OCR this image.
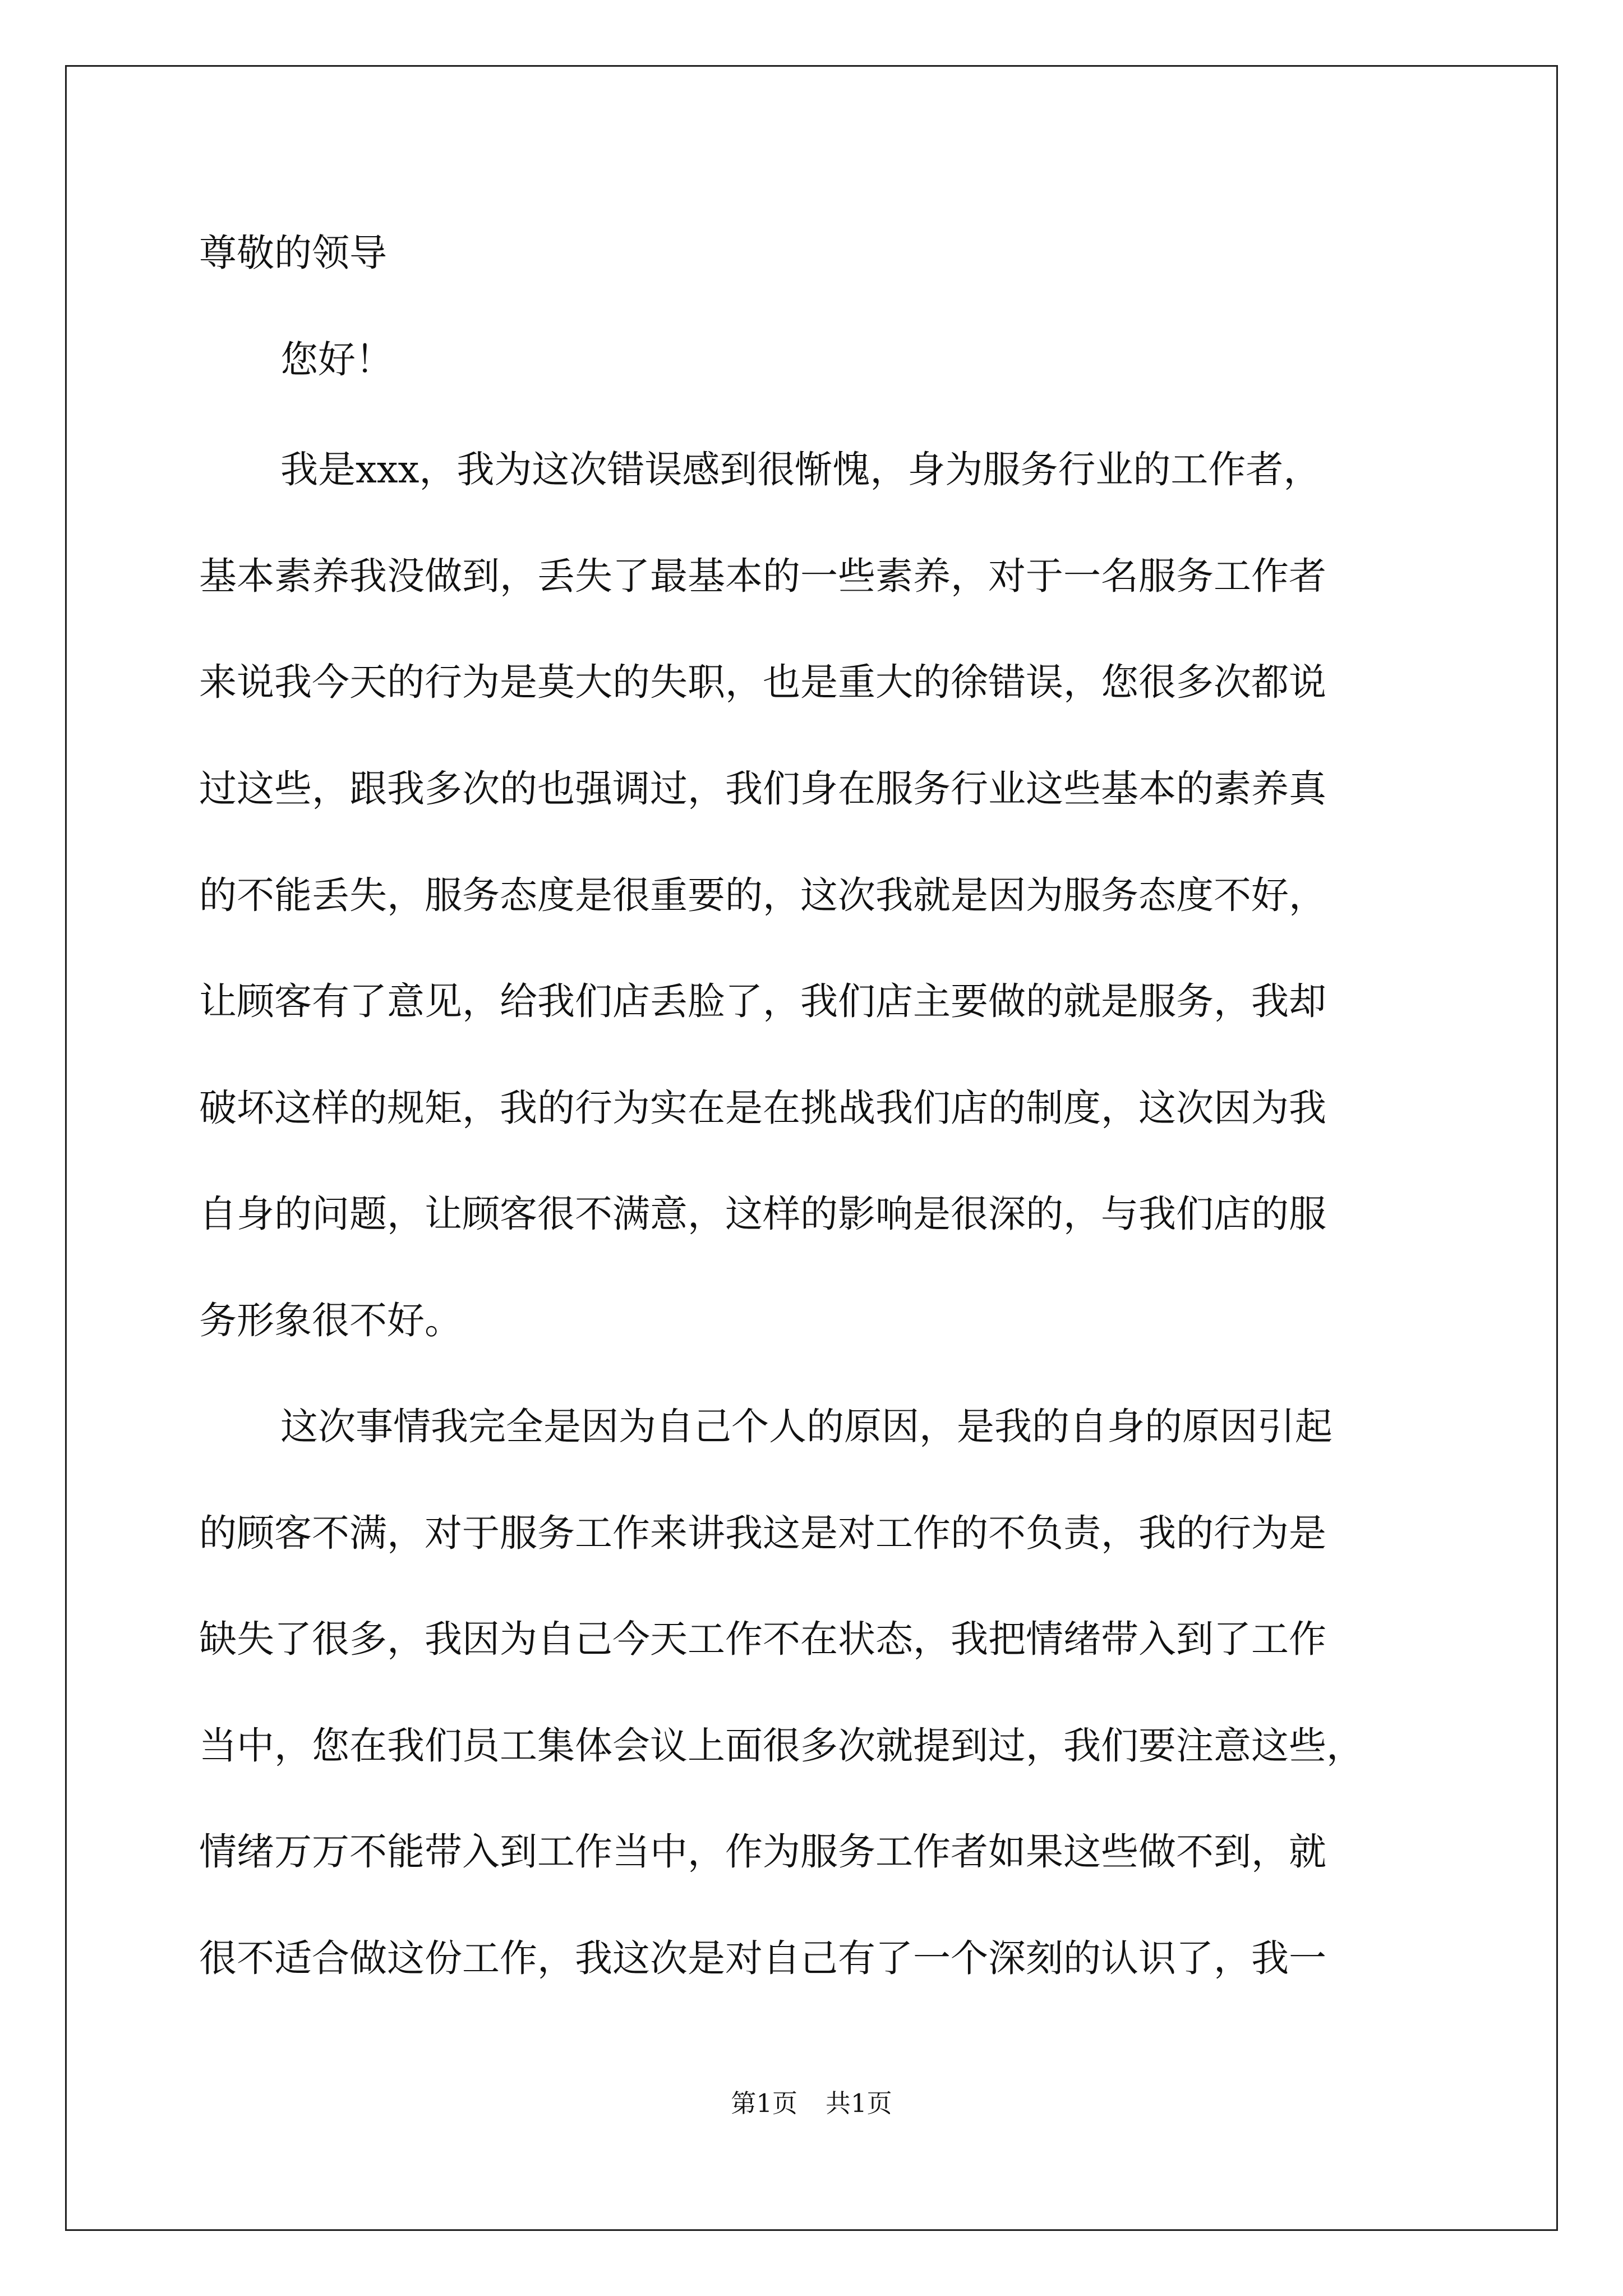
尊敬的领导

您好！

我是xxx，我为这次错误感到很惭愧，身为服务行业的工作者，

基本素养我没做到，丢失了最基本的一些素养，对于一名服务工作者

来说我今天的行为是莫大的失职，也是重大的徐错误，您很多次都说

过这些，跟我多次的也强调过，我们身在服务行业这些基本的素养真

的不能丢失，服务态度是很重要的，这次我就是因为服务态度不好，

让顾客有了意见，给我们店丢脸了，我们店主要做的就是服务，我却

破坏这样的规矩，我的行为实在是在挑战我们店的制度，这次因为我

自身的问题，让顾客很不满意，这样的影响是很深的，与我们店的服

务形象很不好。

这次事情我完全是因为自己个人的原因，是我的自身的原因引起

的顾客不满，对于服务工作来讲我这是对工作的不负责，我的行为是

缺失了很多，我因为自己今天工作不在状态，我把情绪带入到了工作

当中，您在我们员工集体会议上面很多次就提到过，我们要注意这些，

情绪万万不能带入到工作当中，作为服务工作者如果这些做不到，就

很不适合做这份工作，我这次是对自己有了一个深刻的认识了，我一

第1页 共1页
